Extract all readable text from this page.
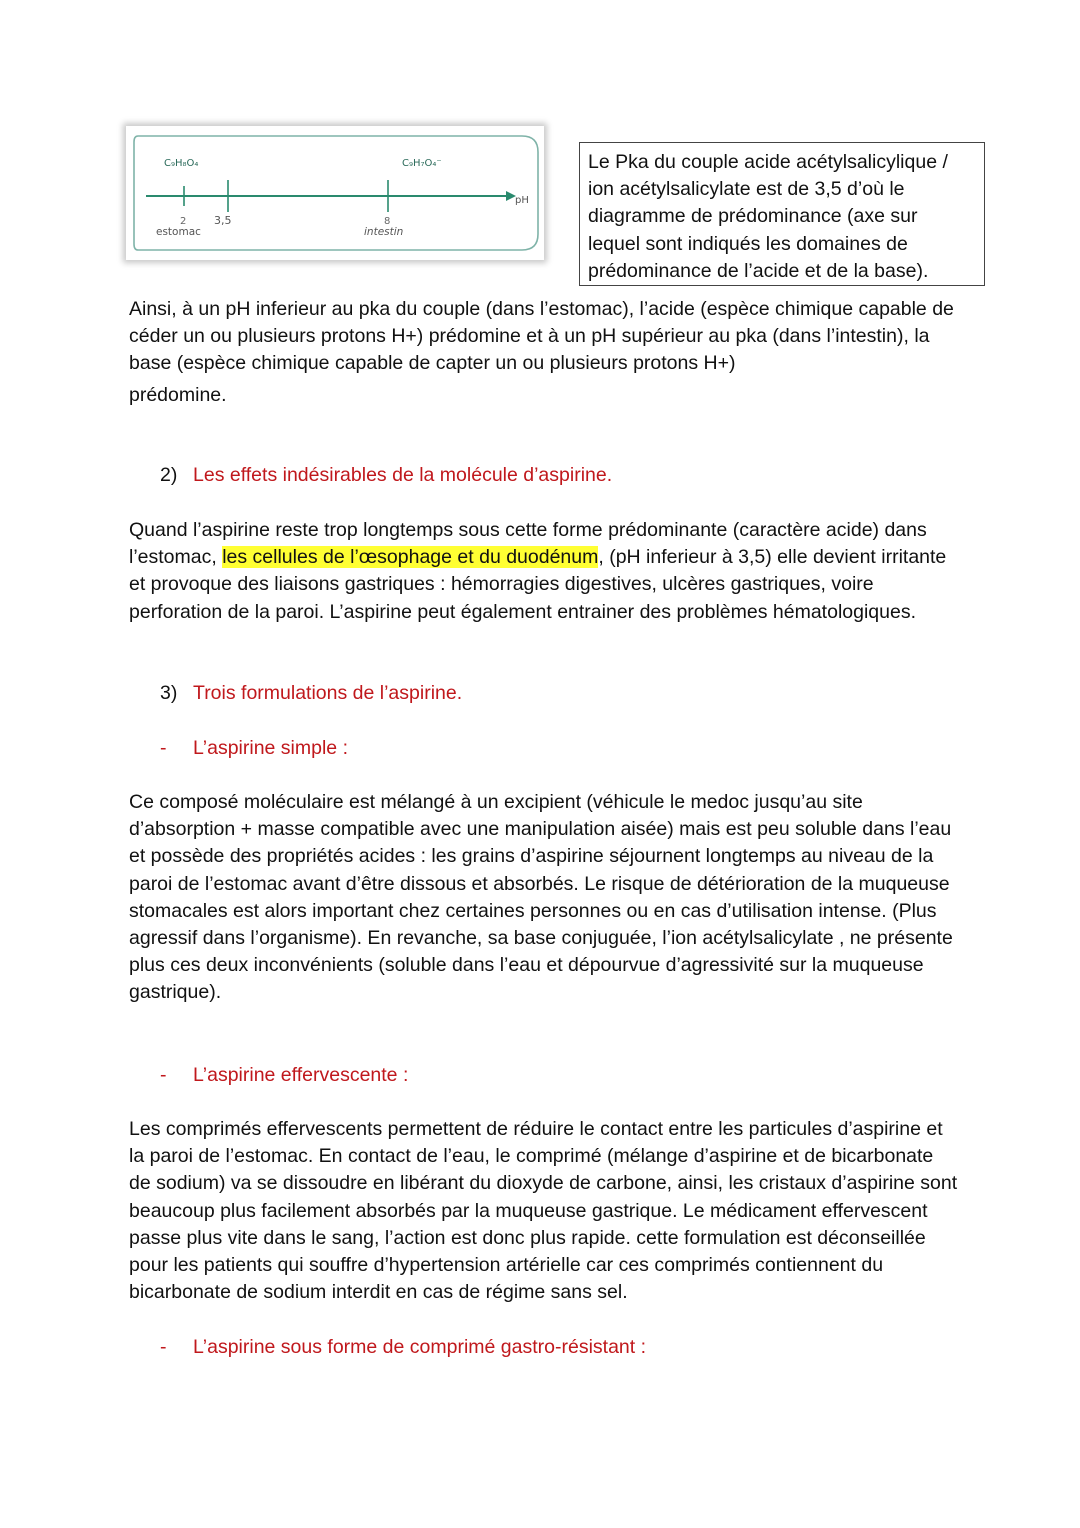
C₉H₈O₄	C₉H₇O₄⁻
pH
2	3,5	8
estomac	intestin
Le Pka du couple acide acétylsalicylique / ion acétylsalicylate est de 3,5 d’où le diagramme de prédominance (axe sur lequel sont indiqués les domaines de prédominance de l’acide et de la base).

Ainsi, à un pH inferieur au pka du couple (dans l’estomac), l’acide (espèce chimique capable de céder un ou plusieurs protons H+) prédomine et à un pH supérieur au pka (dans l’intestin), la base (espèce chimique capable de capter un ou plusieurs protons H+)
prédomine.

2) Les effets indésirables de la molécule d’aspirine.

Quand l’aspirine reste trop longtemps sous cette forme prédominante (caractère acide) dans l’estomac, les cellules de l’œsophage et du duodénum, (pH inferieur à 3,5) elle devient irritante et provoque des liaisons gastriques : hémorragies digestives, ulcères gastriques, voire perforation de la paroi. L’aspirine peut également entrainer des problèmes hématologiques.

3) Trois formulations de l’aspirine.

- L’aspirine simple :

Ce composé moléculaire est mélangé à un excipient (véhicule le medoc jusqu’au site d’absorption + masse compatible avec une manipulation aisée) mais est peu soluble dans l’eau et possède des propriétés acides : les grains d’aspirine séjournent longtemps au niveau de la paroi de l’estomac avant d’être dissous et absorbés. Le risque de détérioration de la muqueuse stomacales est alors important chez certaines personnes ou en cas d’utilisation intense. (Plus agressif dans l’organisme). En revanche, sa base conjuguée, l’ion acétylsalicylate , ne présente plus ces deux inconvénients (soluble dans l’eau et dépourvue d’agressivité sur la muqueuse gastrique).

- L’aspirine effervescente :

Les comprimés effervescents permettent de réduire le contact entre les particules d’aspirine et la paroi de l’estomac. En contact de l’eau, le comprimé (mélange d’aspirine et de bicarbonate de sodium) va se dissoudre en libérant du dioxyde de carbone, ainsi, les cristaux d’aspirine sont beaucoup plus facilement absorbés par la muqueuse gastrique. Le médicament effervescent passe plus vite dans le sang, l’action est donc plus rapide. cette formulation est déconseillée pour les patients qui souffre d’hypertension artérielle car ces comprimés contiennent du bicarbonate de sodium interdit en cas de régime sans sel.

- L’aspirine sous forme de comprimé gastro-résistant :
